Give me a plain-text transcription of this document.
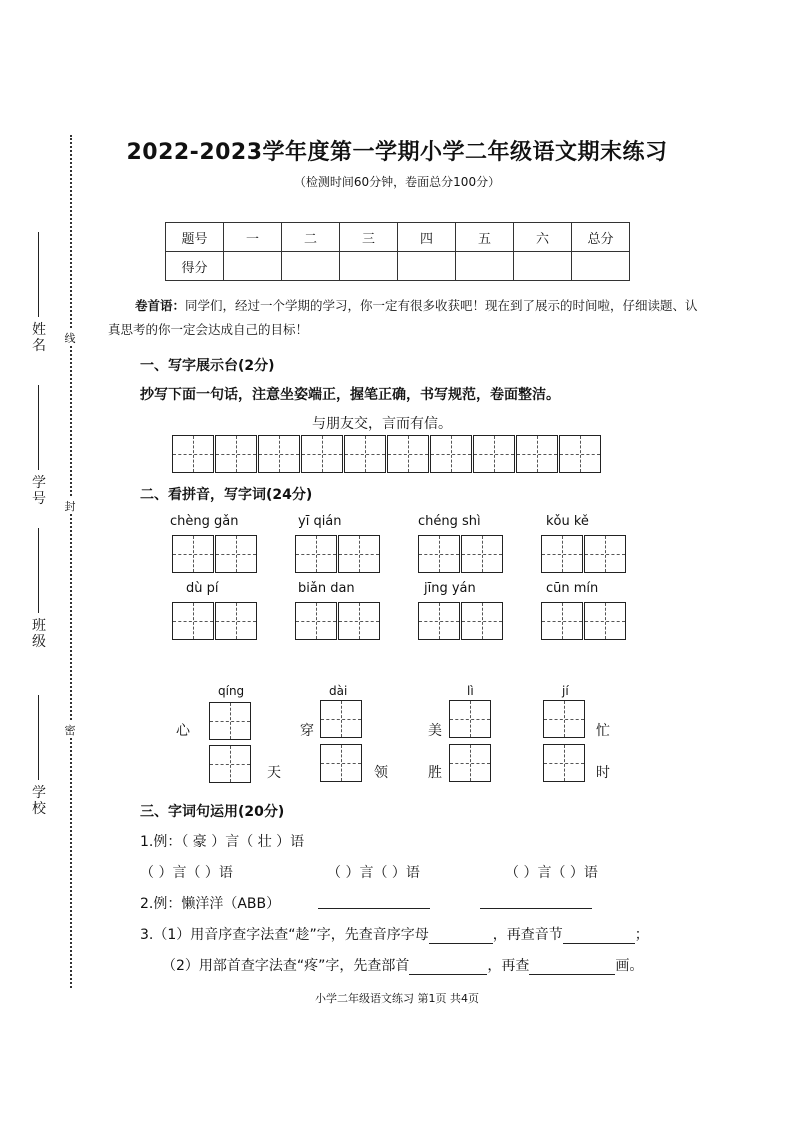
线
封
密
姓名
学号
班级
学校
2022-2023学年度第一学期小学二年级语文期末练习
（检测时间60分钟，卷面总分100分）
题号	一	二	三	四	五	六	总分
得分							
卷首语：同学们，经过一个学期的学习，你一定有很多收获吧！现在到了展示的时间啦，仔细读题、认真思考的你一定会达成自己的目标！
一、写字展示台(2分)
抄写下面一句话，注意坐姿端正，握笔正确，书写规范，卷面整洁。
与朋友交，言而有信。
二、看拼音，写字词(24分)
chèng gǎn	yī qián	chéng shì	kǒu kě
dù pí	biǎn dan	jīng yán	cūn mín
qíng
心
天
dài
穿
领
lì
美
胜
jí
忙
时
三、字词句运用(20分)
1.例：（ 豪 ）言（ 壮 ）语
（ ）言（ ）语	（ ）言（ ）语	（ ）言（ ）语
2.例：懒洋洋（ABB）
3.（1）用音序查字法查“趁”字，先查音序字母	，再查音节	；
（2）用部首查字法查“疼”字，先查部首	，再查	画。
小学二年级语文练习 第1页 共4页
